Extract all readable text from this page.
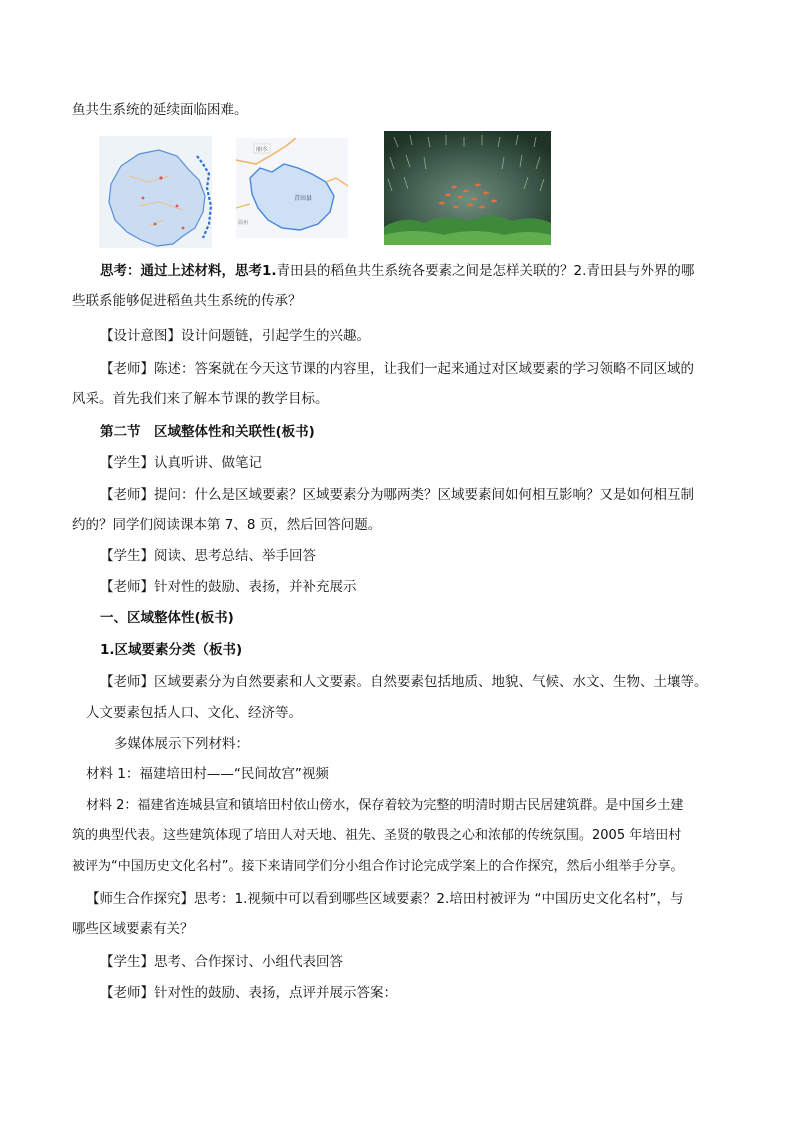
鱼共生系统的延续面临困难。
丽水
青田县
温州
思考：通过上述材料，思考1.青田县的稻鱼共生系统各要素之间是怎样关联的？2.青田县与外界的哪
些联系能够促进稻鱼共生系统的传承？
【设计意图】设计问题链，引起学生的兴趣。
【老师】陈述：答案就在今天这节课的内容里，让我们一起来通过对区域要素的学习领略不同区域的
风采。首先我们来了解本节课的教学目标。
第二节　区域整体性和关联性(板书)
【学生】认真听讲、做笔记
【老师】提问：什么是区域要素？区域要素分为哪两类？区域要素间如何相互影响？又是如何相互制
约的？同学们阅读课本第 7、8 页，然后回答问题。
【学生】阅读、思考总结、举手回答
【老师】针对性的鼓励、表扬，并补充展示
一、区域整体性(板书)
1.区域要素分类（板书)
【老师】区域要素分为自然要素和人文要素。自然要素包括地质、地貌、气候、水文、生物、土壤等。
人文要素包括人口、文化、经济等。
多媒体展示下列材料：
材料 1：福建培田村——“民间故宫”视频
材料 2：福建省连城县宣和镇培田村依山傍水，保存着较为完整的明清时期古民居建筑群。是中国乡土建
筑的典型代表。这些建筑体现了培田人对天地、祖先、圣贤的敬畏之心和浓郁的传统氛围。2005 年培田村
被评为“中国历史文化名村”。接下来请同学们分小组合作讨论完成学案上的合作探究，然后小组举手分享。
【师生合作探究】思考：1.视频中可以看到哪些区域要素？2.培田村被评为 “中国历史文化名村”，与
哪些区域要素有关？
【学生】思考、合作探讨、小组代表回答
【老师】针对性的鼓励、表扬，点评并展示答案：
